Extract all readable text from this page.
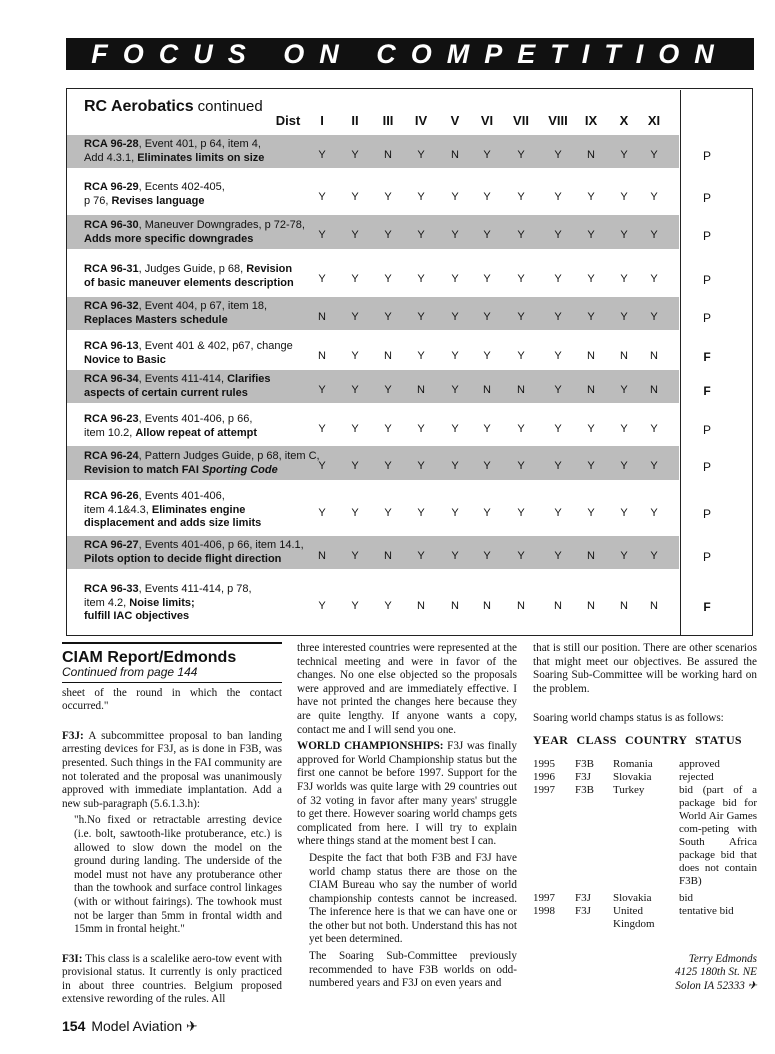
FOCUS ON COMPETITION
RC Aerobatics continued
Dist	I	II	III	IV	V	VI	VII	VIII	IX	X	XI
RCA 96-28, Event 401, p 64, item 4,
Add 4.3.1, Eliminates limits on size	Y	Y	N	Y	N	Y	Y	Y	N	Y	Y	P
RCA 96-29, Ecents 402-405,
p 76, Revises language	Y	Y	Y	Y	Y	Y	Y	Y	Y	Y	Y	P
RCA 96-30, Maneuver Downgrades, p 72-78,
Adds more specific downgrades	Y	Y	Y	Y	Y	Y	Y	Y	Y	Y	Y	P
RCA 96-31, Judges Guide, p 68, Revision
of basic maneuver elements description	Y	Y	Y	Y	Y	Y	Y	Y	Y	Y	Y	P
RCA 96-32, Event 404, p 67, item 18,
Replaces Masters schedule	N	Y	Y	Y	Y	Y	Y	Y	Y	Y	Y	P
RCA 96-13, Event 401 & 402, p67, change
Novice to Basic	N	Y	N	Y	Y	Y	Y	Y	N	N	N	F
RCA 96-34, Events 411-414, Clarifies
aspects of certain current rules	Y	Y	Y	N	Y	N	N	Y	N	Y	N	F
RCA 96-23, Events 401-406, p 66,
item 10.2, Allow repeat of attempt	Y	Y	Y	Y	Y	Y	Y	Y	Y	Y	Y	P
RCA 96-24, Pattern Judges Guide, p 68, item C,
Revision to match FAI Sporting Code	Y	Y	Y	Y	Y	Y	Y	Y	Y	Y	Y	P
RCA 96-26, Events 401-406,
item 4.1&4.3, Eliminates engine
displacement and adds size limits
Y	Y	Y	Y	Y	Y	Y	Y	Y	Y	Y	P
RCA 96-27, Events 401-406, p 66, item 14.1,
Pilots option to decide flight direction	N	Y	N	Y	Y	Y	Y	Y	N	Y	Y	P
RCA 96-33, Events 411-414, p 78,
item 4.2, Noise limits;
fulfill IAC objectives
Y	Y	Y	N	N	N	N	N	N	N	N	F
CIAM Report/Edmonds
Continued from page 144

sheet of the round in which the contact occurred."

F3J: A subcommittee proposal to ban landing arresting devices for F3J, as is done in F3B, was presented. Such things in the FAI community are not tolerated and the proposal was unanimously approved with immediate implantation. Add a new sub-paragraph (5.6.1.3.h):

"h.No fixed or retractable arresting device (i.e. bolt, sawtooth-like protuberance, etc.) is allowed to slow down the model on the ground during landing. The underside of the model must not have any protuberance other than the towhook and surface control linkages (with or without fairings). The towhook must not be larger than 5mm in frontal width and 15mm in frontal height."

F3I: This class is a scalelike aero-tow event with provisional status. It currently is only practiced in about three countries. Belgium proposed extensive rewording of the rules. All

three interested countries were represented at the technical meeting and were in favor of the changes. No one else objected so the proposals were approved and are immediately effective. I have not printed the changes here because they are quite lengthy. If anyone wants a copy, contact me and I will send you one.

WORLD CHAMPIONSHIPS: F3J was finally approved for World Championship status but the first one cannot be before 1997. Support for the F3J worlds was quite large with 29 countries out of 32 voting in favor after many years' struggle to get there. However soaring world champs gets complicated from here. I will try to explain where things stand at the moment best I can.

Despite the fact that both F3B and F3J have world champ status there are those on the CIAM Bureau who say the number of world championship contests cannot be increased. The inference here is that we can have one or the other but not both. Understand this has not yet been determined.

The Soaring Sub-Committee previously recommended to have F3B worlds on odd-numbered years and F3J on even years and

that is still our position. There are other scenarios that might meet our objectives. Be assured the Soaring Sub-Committee will be working hard on the problem.

Soaring world champs status is as follows:

YEAR CLASS COUNTRY STATUS
1995	F3B	Romania	approved
1996	F3J	Slovakia	rejected
1997	F3B	Turkey	bid (part of a package bid for World Air Games com-peting with South Africa package bid that does not contain F3B)
1997	F3J	Slovakia	bid
1998	F3J	United Kingdom	tentative bid
Terry Edmonds
4125 180th St. NE
Solon IA 52333 ✈
154 Model Aviation ✈
